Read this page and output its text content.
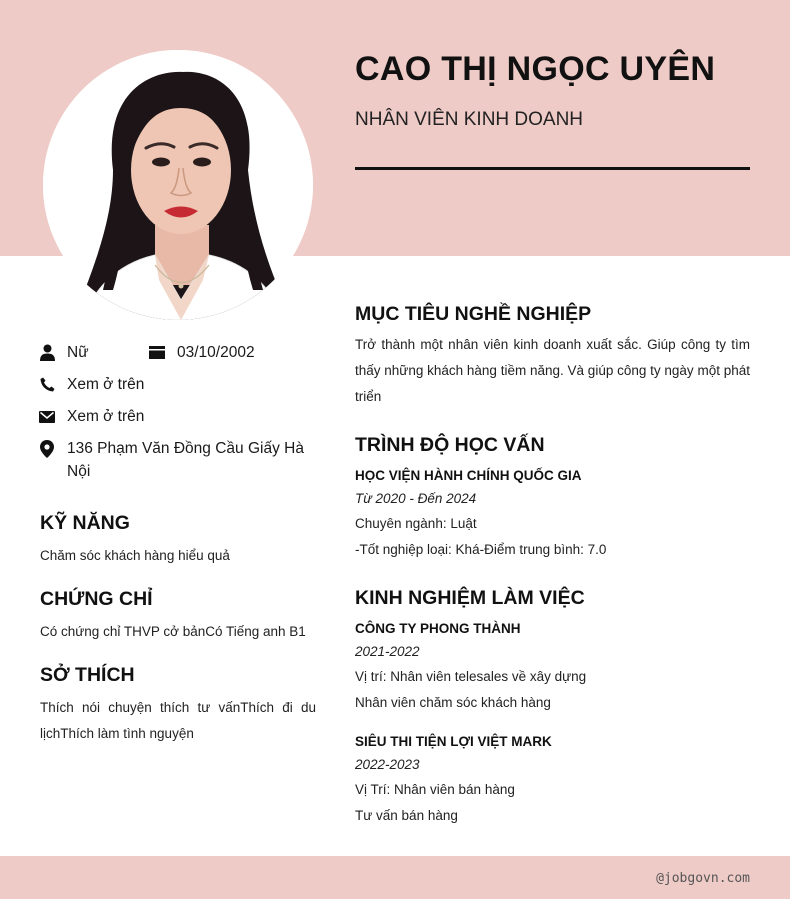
CAO THỊ NGỌC UYÊN
NHÂN VIÊN KINH DOANH
Nữ	03/10/2002
Xem ở trên
Xem ở trên
136 Phạm Văn Đồng Cầu Giấy Hà Nội
KỸ NĂNG
Chăm sóc khách hàng hiểu quả
CHỨNG CHỈ
Có chứng chỉ THVP cở bảnCó Tiếng anh B1
SỞ THÍCH
Thích nói chuyện thích tư vấnThích đi du lịchThích làm tình nguyện
MỤC TIÊU NGHỀ NGHIỆP
Trở thành một nhân viên kinh doanh xuất sắc. Giúp công ty tìm thấy những khách hàng tiềm năng. Và giúp công ty ngày một phát triển
TRÌNH ĐỘ HỌC VẤN
HỌC VIỆN HÀNH CHÍNH QUỐC GIA
Từ 2020 - Đến 2024
Chuyên ngành: Luật
-Tốt nghiệp loại: Khá-Điểm trung bình: 7.0
KINH NGHIỆM LÀM VIỆC
CÔNG TY PHONG THÀNH
2021-2022
Vị trí: Nhân viên telesales về xây dựng
Nhân viên chăm sóc khách hàng
SIÊU THI TIỆN LỢI VIỆT MARK
2022-2023
Vị Trí: Nhân viên bán hàng
Tư vấn bán hàng
@jobgovn.com
